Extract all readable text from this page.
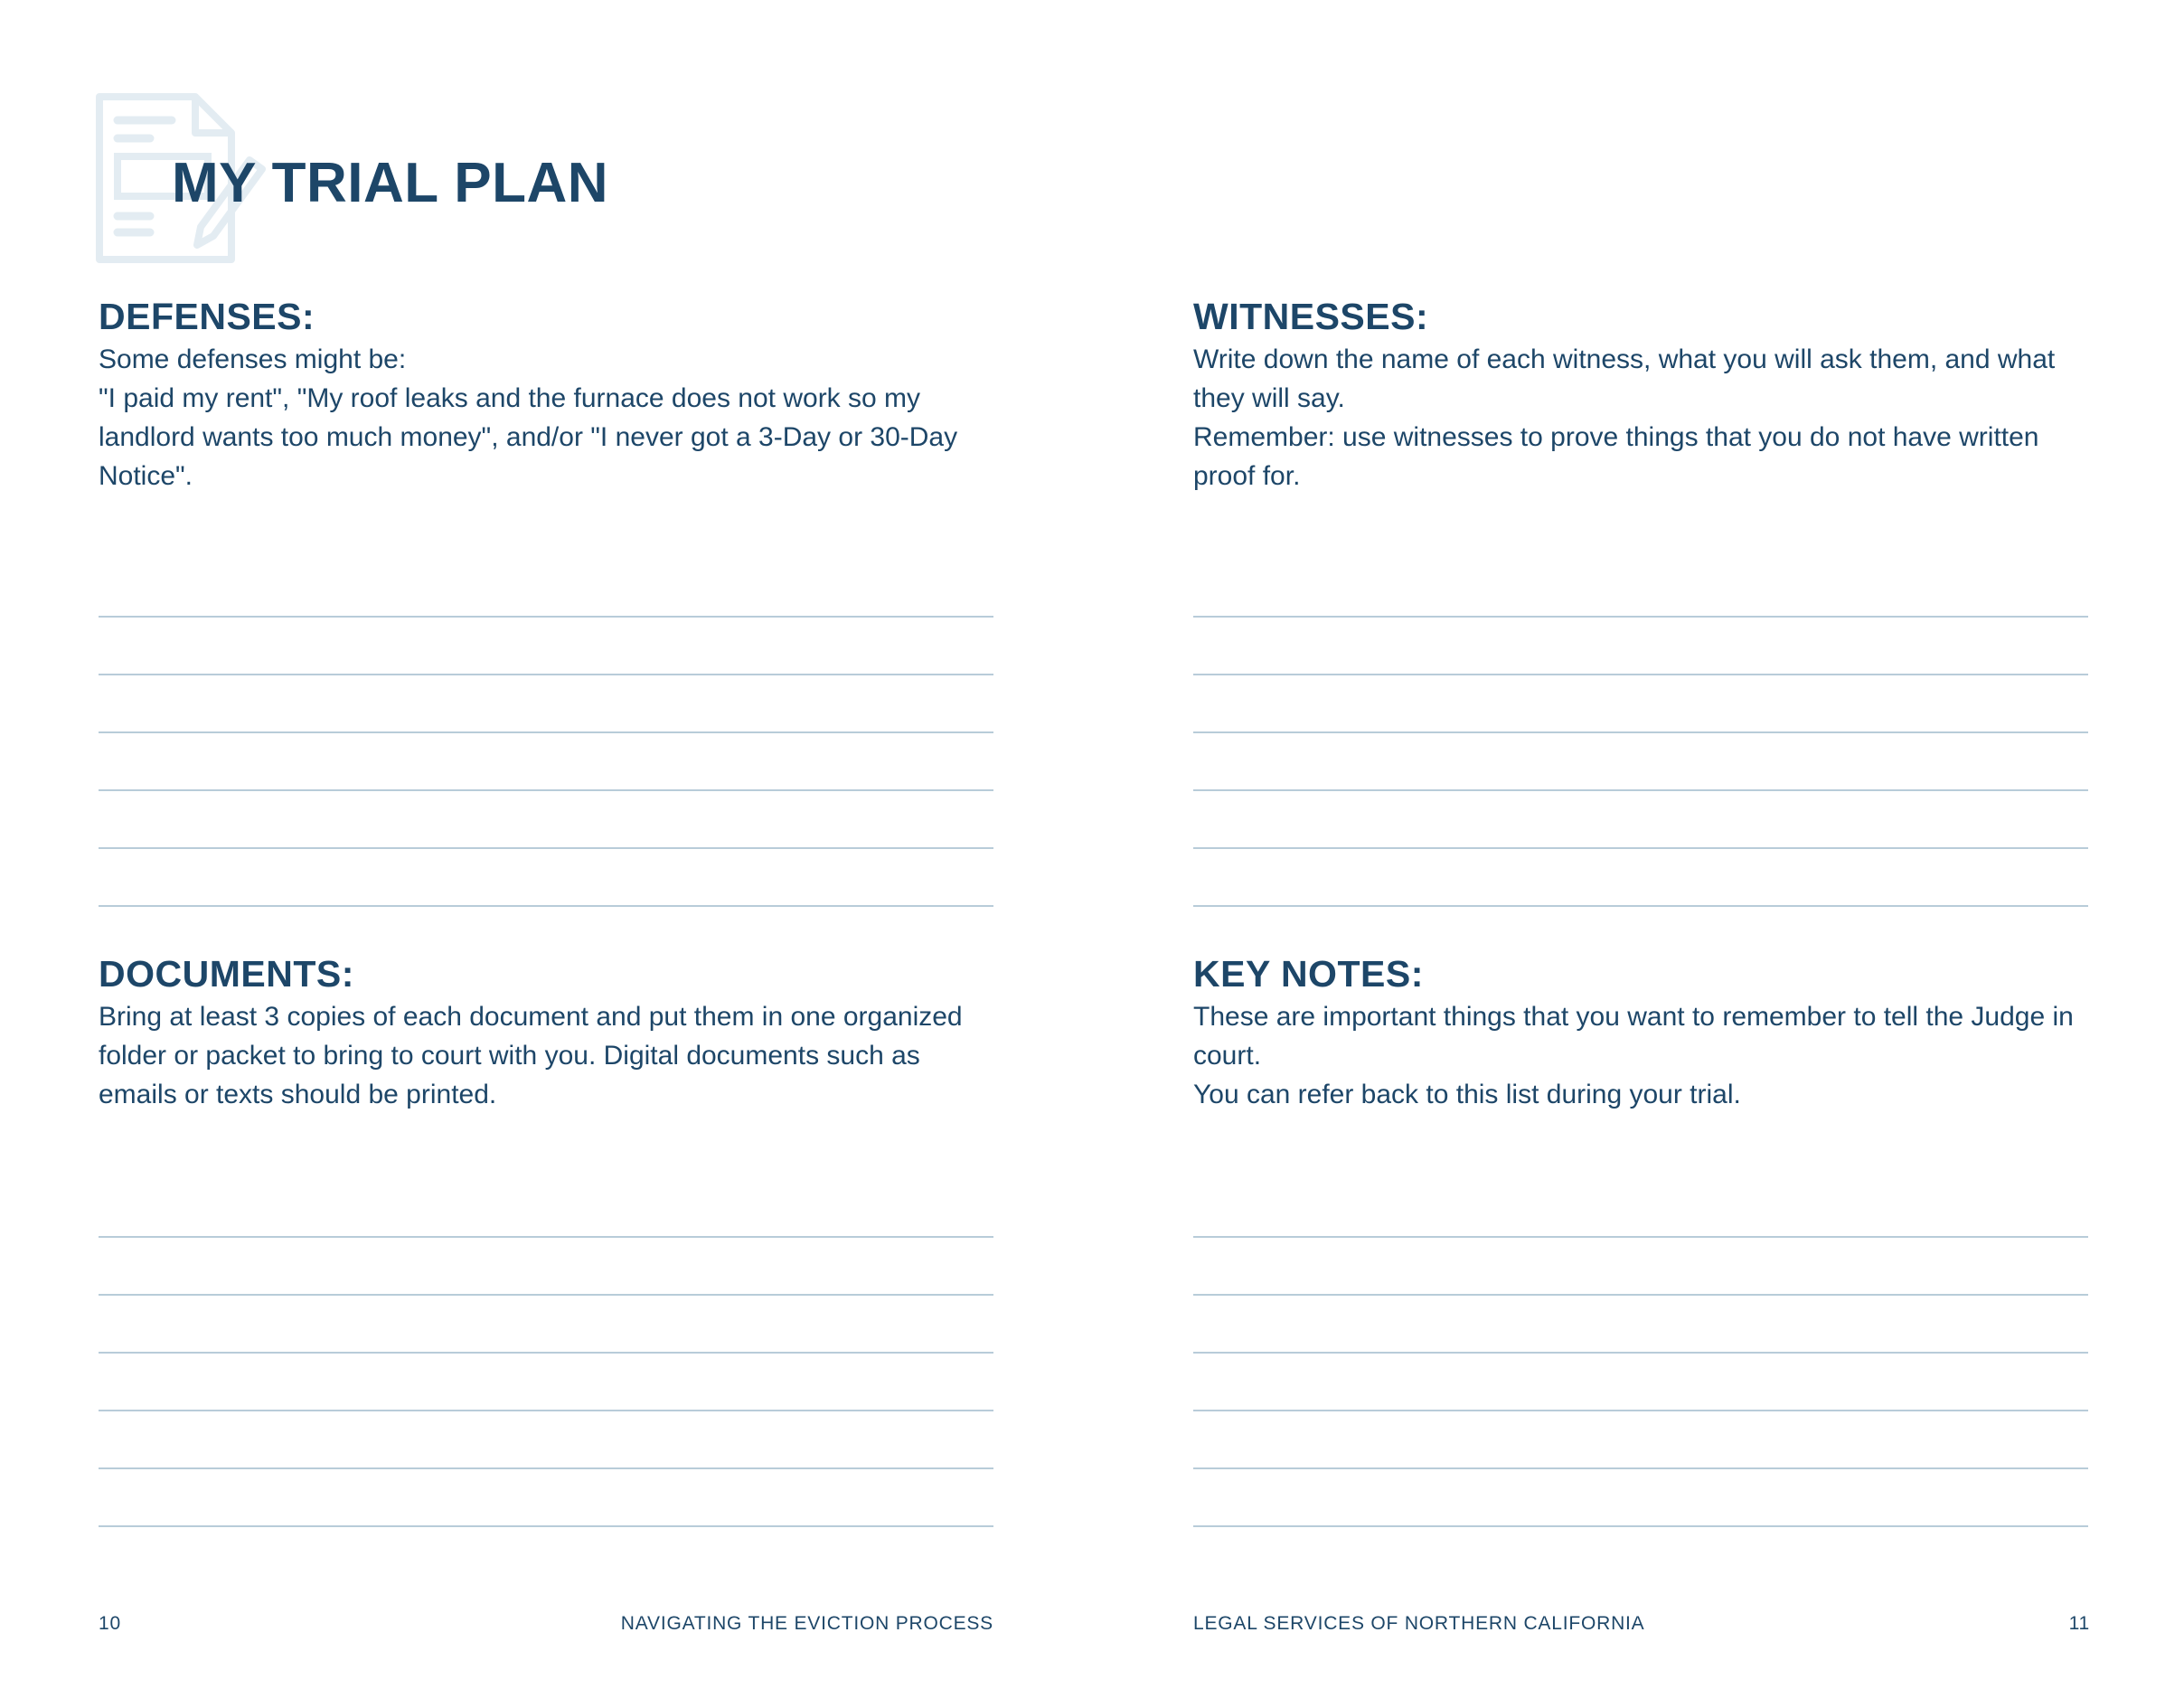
MY TRIAL PLAN
DEFENSES:

Some defenses might be:

"I paid my rent", "My roof leaks and the furnace does not work so my landlord wants too much money", and/or "I never got a 3-Day or 30-Day Notice".

WITNESSES:

Write down the name of each witness, what you will ask them, and what they will say.

Remember: use witnesses to prove things that you do not have written proof for.

DOCUMENTS:

Bring at least 3 copies of each document and put them in one organized folder or packet to bring to court with you. Digital documents such as emails or texts should be printed.

KEY NOTES:

These are important things that you want to remember to tell the Judge in court.

You can refer back to this list during your trial.

10	NAVIGATING THE EVICTION PROCESS	LEGAL SERVICES OF NORTHERN CALIFORNIA	11
